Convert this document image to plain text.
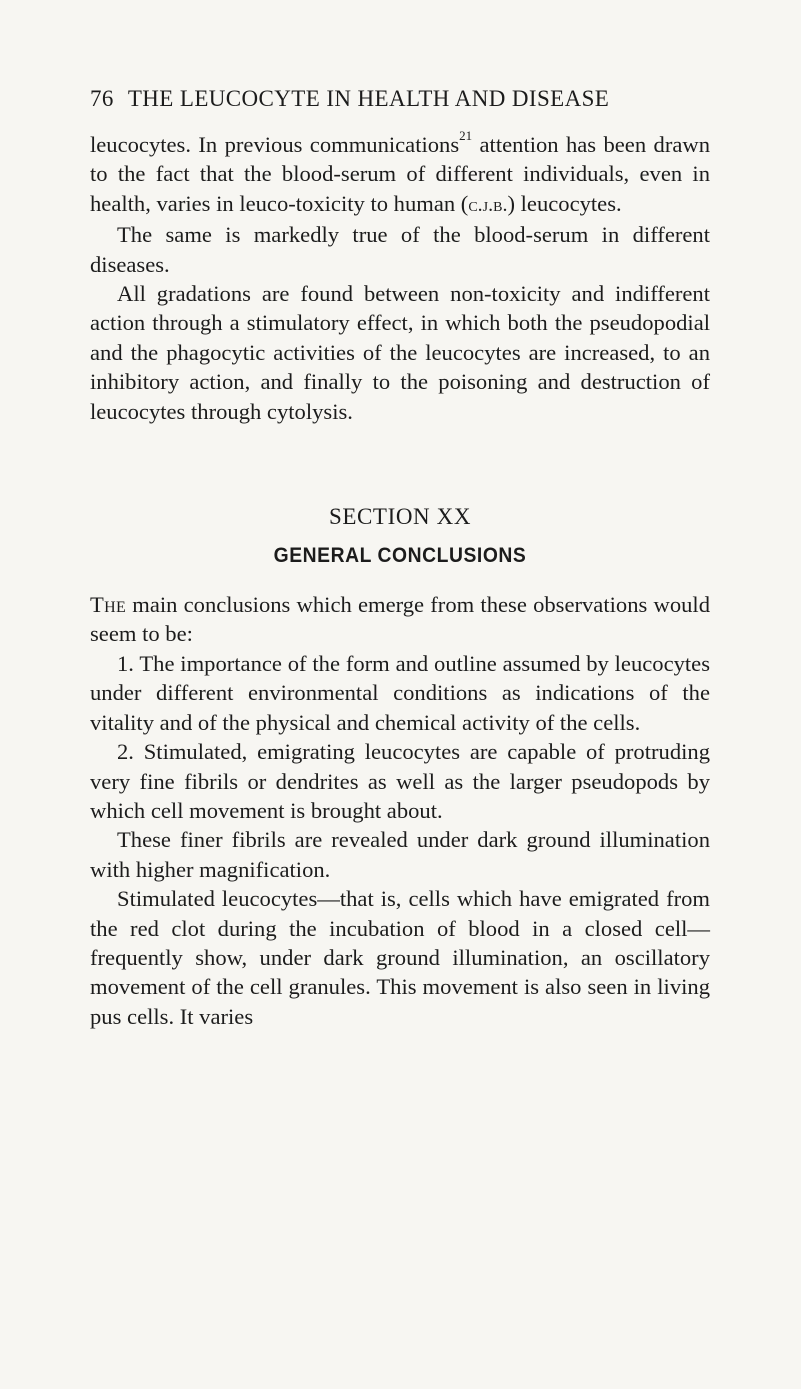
76 THE LEUCOCYTE IN HEALTH AND DISEASE

leucocytes. In previous communications$^{21}$ attention has been drawn to the fact that the blood-serum of different individuals, even in health, varies in leuco-toxicity to human (c.j.b.) leucocytes.

The same is markedly true of the blood-serum in different diseases.

All gradations are found between non-toxicity and indifferent action through a stimulatory effect, in which both the pseudopodial and the phagocytic activities of the leucocytes are increased, to an inhibitory action, and finally to the poisoning and destruction of leucocytes through cytolysis.

SECTION XX
GENERAL CONCLUSIONS

The main conclusions which emerge from these observations would seem to be:

1. The importance of the form and outline assumed by leucocytes under different environmental conditions as indications of the vitality and of the physical and chemical activity of the cells.

2. Stimulated, emigrating leucocytes are capable of protruding very fine fibrils or dendrites as well as the larger pseudopods by which cell movement is brought about.

These finer fibrils are revealed under dark ground illumination with higher magnification.

Stimulated leucocytes—that is, cells which have emigrated from the red clot during the incubation of blood in a closed cell—frequently show, under dark ground illumination, an oscillatory movement of the cell granules. This movement is also seen in living pus cells. It varies
